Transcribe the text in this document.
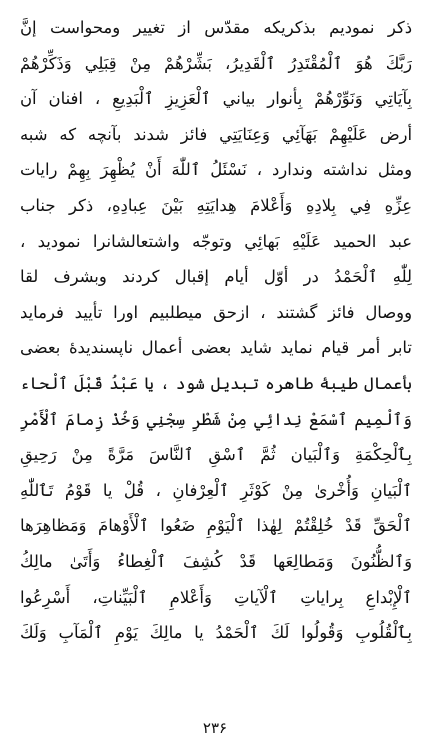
ذکر نمودیم بذکریکه مقدّس از تغییر ومحواست إنَّ
رَبَّكَ هُوَ ٱلْمُقْتَدِرُ ٱلْقَدِيرُ، بَشِّرْهُمْ مِنْ قِبَلِي وَذَكِّرْهُمْ
بِآيَاتِي وَنَوِّرْهُمْ بِأنوار بياني ٱلْعَزِيزِ ٱلْبَدِيعِ ، افنان آن
أرض عَلَيْهِمْ بَهَآئِي وَعِنَايَتِي فائز شدند بآنچه که شبه
ومثل نداشته وندارد ، نَسْئَلُ ٱللّٰهَ أَنْ يُظْهِرَ بِهِمْ رايات
عِزِّهِ فِي بِلادِهِ وَأَعْلامَ هِدايَتِهِ بَيْنَ عِبادِهِ، ذکر جناب
عبد الحميد عَلَيْهِ بَهائِي وتوجّه واشتعالشانرا نموديد ،
لِلّٰهِ ٱلْحَمْدُ در أوّل أيام إقبال كردند وبشرف لقا
ووصال فائز گشتند ، ازحق ميطلبيم اورا تأييد فرمايد
تابر أمر قيام نمايد شايد بعضى أعمال ناپسنديدهٔ بعضى
بأعمال طيبهٔ طاهره تبديل شود ، يا عَبْدُ قَبْلَ ٱلْحاء
وَٱلْمِيم ٱسْمَعْ نِدائِي مِنْ شَطْرِ سِجْنِي وَخُذْ زِمامَ ٱلْأَمْرِ
بِٱلْحِكْمَةِ وَٱلْبَيان ثُمَّ ٱسْقِ ٱلنَّاسَ مَرَّةً مِنْ رَحِيقِ
ٱلْبَيانِ وَأُخْرىٰ مِنْ كَوْثَرِ ٱلْعِرْفانِ ، قُلْ يا قَوْمُ تَٱللّٰهِ
ٱلْحَقِّ قَدْ خُلِقْتُمْ لِهٰذا ٱلْيَوْمِ ضَعُوا ٱلْأَوْهامَ وَمَظاهِرَها
وَٱلظُّنُونَ وَمَطالِعَها قَدْ كُشِفَ ٱلْغِطاءُ وَأَتَىٰ مالِكُ
ٱلْإِبْداعِ بِراياتِ ٱلْآياتِ وَأَعْلامِ ٱلْبَيِّناتِ، أَسْرِعُوا
بِٱلْقُلُوبِ وَقُولُوا لَكَ ٱلْحَمْدُ يا مالِكَ يَوْمِ ٱلْمَآبِ وَلَكَ
۲۳۶
